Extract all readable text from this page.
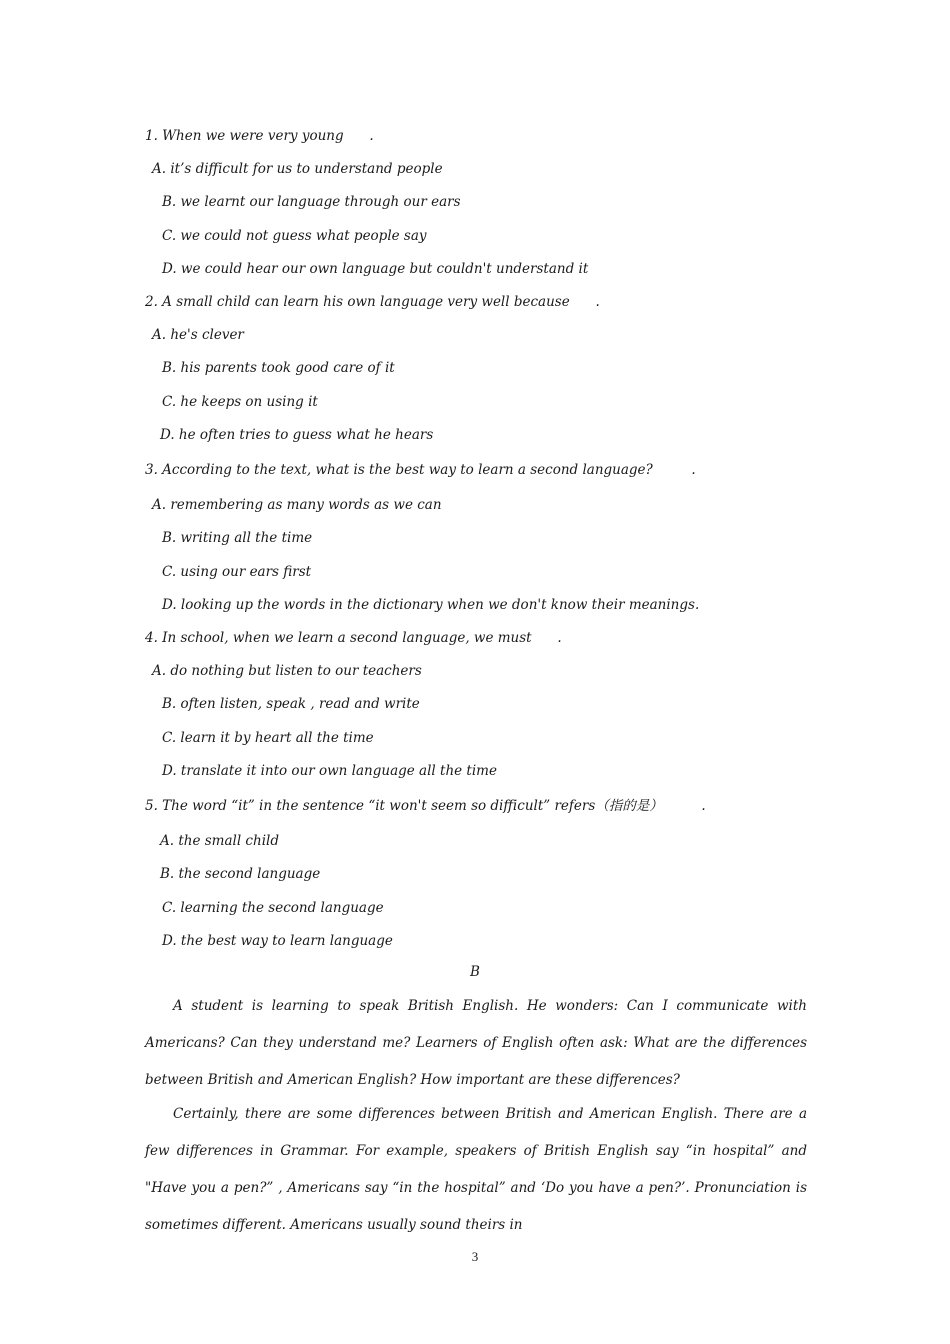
1. When we were very young      .
A. it’s difficult for us to understand people
B. we learnt our language through our ears
C. we could not guess what people say
D. we could hear our own language but couldn't understand it
2. A small child can learn his own language very well because      .
A. he's clever
B. his parents took good care of it
C. he keeps on using it
D. he often tries to guess what he hears
3. According to the text, what is the best way to learn a second language?         .
A. remembering as many words as we can
B. writing all the time
C. using our ears first
D. looking up the words in the dictionary when we don't know their meanings.
4. In school, when we learn a second language, we must      .
A. do nothing but listen to our teachers
B. often listen, speak , read and write
C. learn it by heart all the time
D. translate it into our own language all the time
5. The word “it” in the sentence “it won't seem so difficult” refers（指的是）         .
A. the small child
B. the second language
C. learning the second language
D. the best way to learn language
B
A student is learning to speak British English. He wonders: Can I communicate with Americans? Can they understand me? Learners of English often ask: What are the differences between British and American English? How important are these differences?
Certainly, there are some differences between British and American English. There are a few differences in Grammar. For example, speakers of British English say “in hospital” and "Have you a pen?” , Americans say “in the hospital” and ‘Do you have a pen?’. Pronunciation is sometimes different. Americans usually sound theirs in
3
